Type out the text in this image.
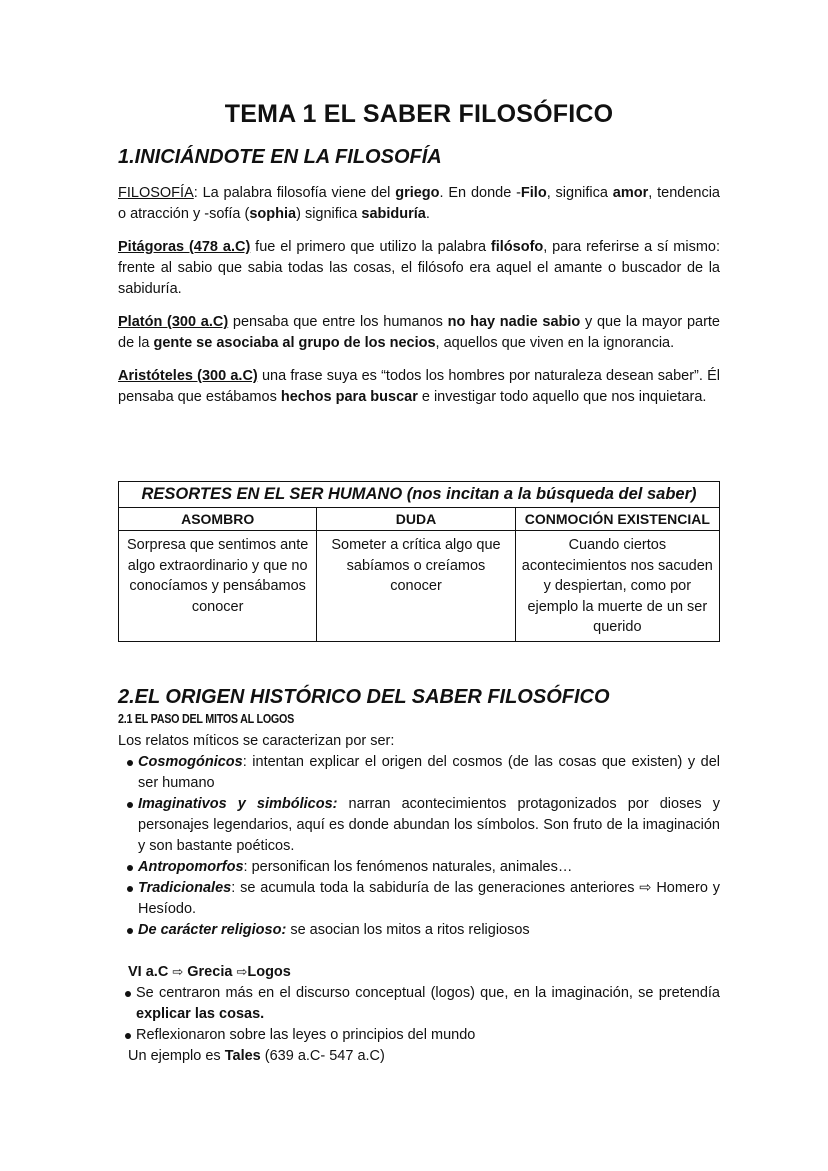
TEMA 1 EL SABER FILOSÓFICO
1.INICIÁNDOTE EN LA FILOSOFÍA

FILOSOFÍA: La palabra filosofía viene del griego. En donde -Filo, significa amor, tendencia o atracción y -sofía (sophia) significa sabiduría.

Pitágoras (478 a.C) fue el primero que utilizo la palabra filósofo, para referirse a sí mismo: frente al sabio que sabia todas las cosas, el filósofo era aquel el amante o buscador de la sabiduría.

Platón (300 a.C) pensaba que entre los humanos no hay nadie sabio y que la mayor parte de la gente se asociaba al grupo de los necios, aquellos que viven en la ignorancia.

Aristóteles (300 a.C) una frase suya es “todos los hombres por naturaleza desean saber”. Él pensaba que estábamos hechos para buscar e investigar todo aquello que nos inquietara.

RESORTES EN EL SER HUMANO (nos incitan a la búsqueda del saber)		
ASOMBRO	DUDA	CONMOCIÓN EXISTENCIAL
Sorpresa que sentimos ante algo extraordinario y que no conocíamos y pensábamos conocer	Someter a crítica algo que sabíamos o creíamos conocer	Cuando ciertos acontecimientos nos sacuden y despiertan, como por ejemplo la muerte de un ser querido
2.EL ORIGEN HISTÓRICO DEL SABER FILOSÓFICO
2.1 EL PASO DEL MITOS AL LOGOS

Los relatos míticos se caracterizan por ser:

Cosmogónicos: intentan explicar el origen del cosmos (de las cosas que existen) y del ser humano
Imaginativos y simbólicos: narran acontecimientos protagonizados por dioses y personajes legendarios, aquí es donde abundan los símbolos. Son fruto de la imaginación y son bastante poéticos.
Antropomorfos: personifican los fenómenos naturales, animales…
Tradicionales: se acumula toda la sabiduría de las generaciones anteriores ⇨ Homero y Hesíodo.
De carácter religioso: se asocian los mitos a ritos religiosos

VI a.C ⇨ Grecia ⇨Logos

Se centraron más en el discurso conceptual (logos) que, en la imaginación, se pretendía explicar las cosas.
Reflexionaron sobre las leyes o principios del mundo

Un ejemplo es Tales (639 a.C- 547 a.C)
